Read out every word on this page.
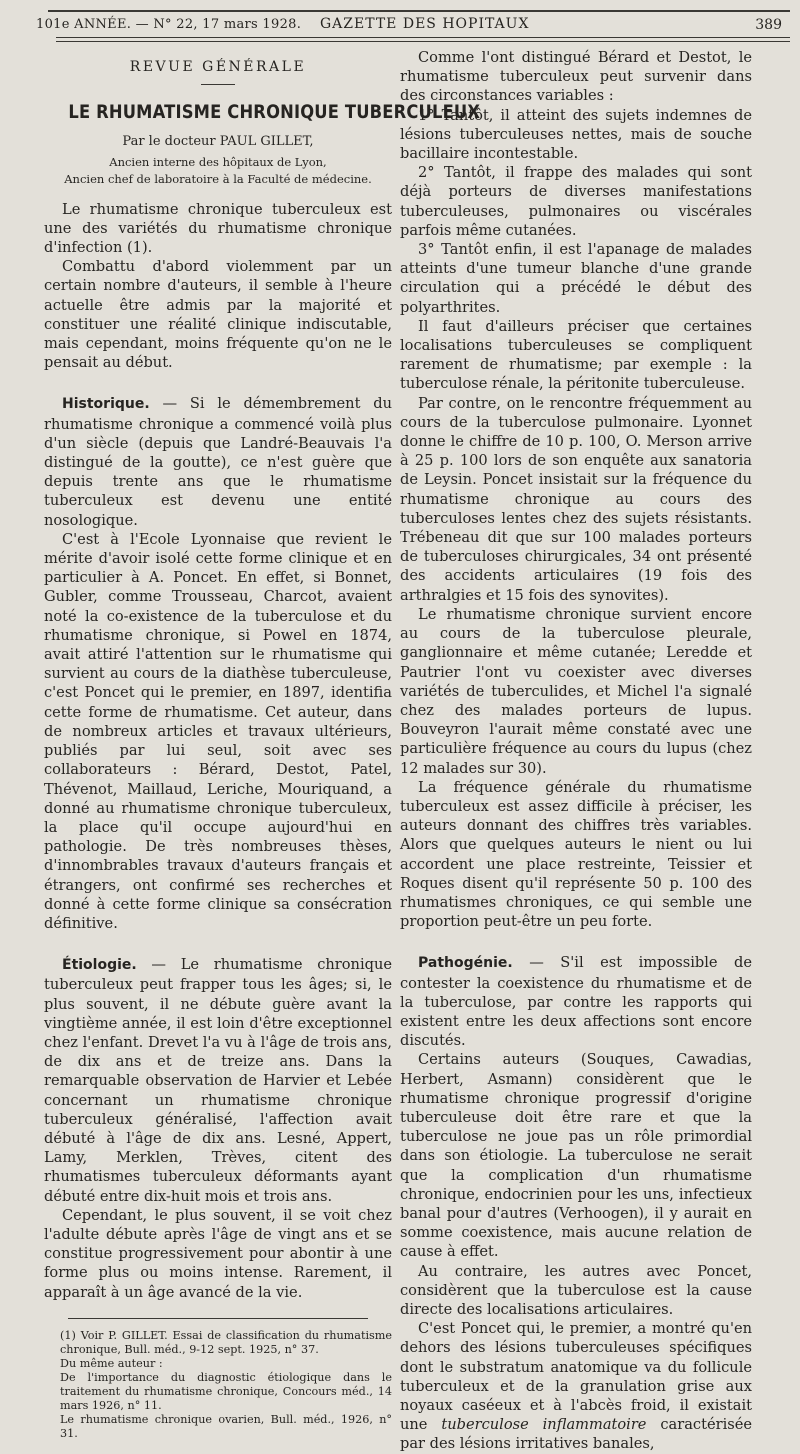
101e ANNÉE. — N° 22, 17 mars 1928. GAZETTE DES HOPITAUX	389
REVUE GÉNÉRALE
LE RHUMATISME CHRONIQUE TUBERCULEUX
Par le docteur PAUL GILLET,
Ancien interne des hôpitaux de Lyon,
Ancien chef de laboratoire à la Faculté de médecine.

Le rhumatisme chronique tuberculeux est une des variétés du rhumatisme chronique d'infection (1).

Combattu d'abord violemment par un certain nombre d'auteurs, il semble à l'heure actuelle être admis par la majorité et constituer une réalité clinique indiscutable, mais cependant, moins fréquente qu'on ne le pensait au début.

Historique. — Si le démembrement du rhumatisme chronique a commencé voilà plus d'un siècle (depuis que Landré-Beauvais l'a distingué de la goutte), ce n'est guère que depuis trente ans que le rhumatisme tuberculeux est devenu une entité nosologique.

C'est à l'Ecole Lyonnaise que revient le mérite d'avoir isolé cette forme clinique et en particulier à A. Poncet. En effet, si Bonnet, Gubler, comme Trousseau, Charcot, avaient noté la co-existence de la tuberculose et du rhumatisme chronique, si Powel en 1874, avait attiré l'attention sur le rhumatisme qui survient au cours de la diathèse tuberculeuse, c'est Poncet qui le premier, en 1897, identifia cette forme de rhumatisme. Cet auteur, dans de nombreux articles et travaux ultérieurs, publiés par lui seul, soit avec ses collaborateurs : Bérard, Destot, Patel, Thévenot, Maillaud, Leriche, Mouriquand, a donné au rhumatisme chronique tuberculeux, la place qu'il occupe aujourd'hui en pathologie. De très nombreuses thèses, d'innombrables travaux d'auteurs français et étrangers, ont confirmé ses recherches et donné à cette forme clinique sa consécration définitive.

Étiologie. — Le rhumatisme chronique tuberculeux peut frapper tous les âges; si, le plus souvent, il ne débute guère avant la vingtième année, il est loin d'être exceptionnel chez l'enfant. Drevet l'a vu à l'âge de trois ans, de dix ans et de treize ans. Dans la remarquable observation de Harvier et Lebée concernant un rhumatisme chronique tuberculeux généralisé, l'affection avait débuté à l'âge de dix ans. Lesné, Appert, Lamy, Merklen, Trèves, citent des rhumatismes tuberculeux déformants ayant débuté entre dix-huit mois et trois ans.

Cependant, le plus souvent, il se voit chez l'adulte débute après l'âge de vingt ans et se constitue progressivement pour abontir à une forme plus ou moins intense. Rarement, il apparaît à un âge avancé de la vie.

(1) Voir P. GILLET. Essai de classification du rhumatisme chronique, Bull. méd., 9-12 sept. 1925, n° 37.
Du même auteur :
De l'importance du diagnostic étiologique dans le traitement du rhumatisme chronique, Concours méd., 14 mars 1926, n° 11.
Le rhumatisme chronique ovarien, Bull. méd., 1926, n° 31.

Comme l'ont distingué Bérard et Destot, le rhumatisme tuberculeux peut survenir dans des circonstances variables :

1° Tantôt, il atteint des sujets indemnes de lésions tuberculeuses nettes, mais de souche bacillaire incontestable.

2° Tantôt, il frappe des malades qui sont déjà porteurs de diverses manifestations tuberculeuses, pulmonaires ou viscérales parfois même cutanées.

3° Tantôt enfin, il est l'apanage de malades atteints d'une tumeur blanche d'une grande circulation qui a précédé le début des polyarthrites.

Il faut d'ailleurs préciser que certaines localisations tuberculeuses se compliquent rarement de rhumatisme; par exemple : la tuberculose rénale, la péritonite tuberculeuse.

Par contre, on le rencontre fréquemment au cours de la tuberculose pulmonaire. Lyonnet donne le chiffre de 10 p. 100, O. Merson arrive à 25 p. 100 lors de son enquête aux sanatoria de Leysin. Poncet insistait sur la fréquence du rhumatisme chronique au cours des tuberculoses lentes chez des sujets résistants. Trébeneau dit que sur 100 malades porteurs de tuberculoses chirurgicales, 34 ont présenté des accidents articulaires (19 fois des arthralgies et 15 fois des synovites).

Le rhumatisme chronique survient encore au cours de la tuberculose pleurale, ganglionnaire et même cutanée; Leredde et Pautrier l'ont vu coexister avec diverses variétés de tuberculides, et Michel l'a signalé chez des malades porteurs de lupus. Bouveyron l'aurait même constaté avec une particulière fréquence au cours du lupus (chez 12 malades sur 30).

La fréquence générale du rhumatisme tuberculeux est assez difficile à préciser, les auteurs donnant des chiffres très variables. Alors que quelques auteurs le nient ou lui accordent une place restreinte, Teissier et Roques disent qu'il représente 50 p. 100 des rhumatismes chroniques, ce qui semble une proportion peut-être un peu forte.

Pathogénie. — S'il est impossible de contester la coexistence du rhumatisme et de la tuberculose, par contre les rapports qui existent entre les deux affections sont encore discutés.

Certains auteurs (Souques, Cawadias, Herbert, Asmann) considèrent que le rhumatisme chronique progressif d'origine tuberculeuse doit être rare et que la tuberculose ne joue pas un rôle primordial dans son étiologie. La tuberculose ne serait que la complication d'un rhumatisme chronique, endocrinien pour les uns, infectieux banal pour d'autres (Verhoogen), il y aurait en somme coexistence, mais aucune relation de cause à effet.

Au contraire, les autres avec Poncet, considèrent que la tuberculose est la cause directe des localisations articulaires.

C'est Poncet qui, le premier, a montré qu'en dehors des lésions tuberculeuses spécifiques dont le substratum anatomique va du follicule tuberculeux et de la granulation grise aux noyaux caséeux et à l'abcès froid, il existait une tuberculose inflammatoire caractérisée par des lésions irritatives banales,
